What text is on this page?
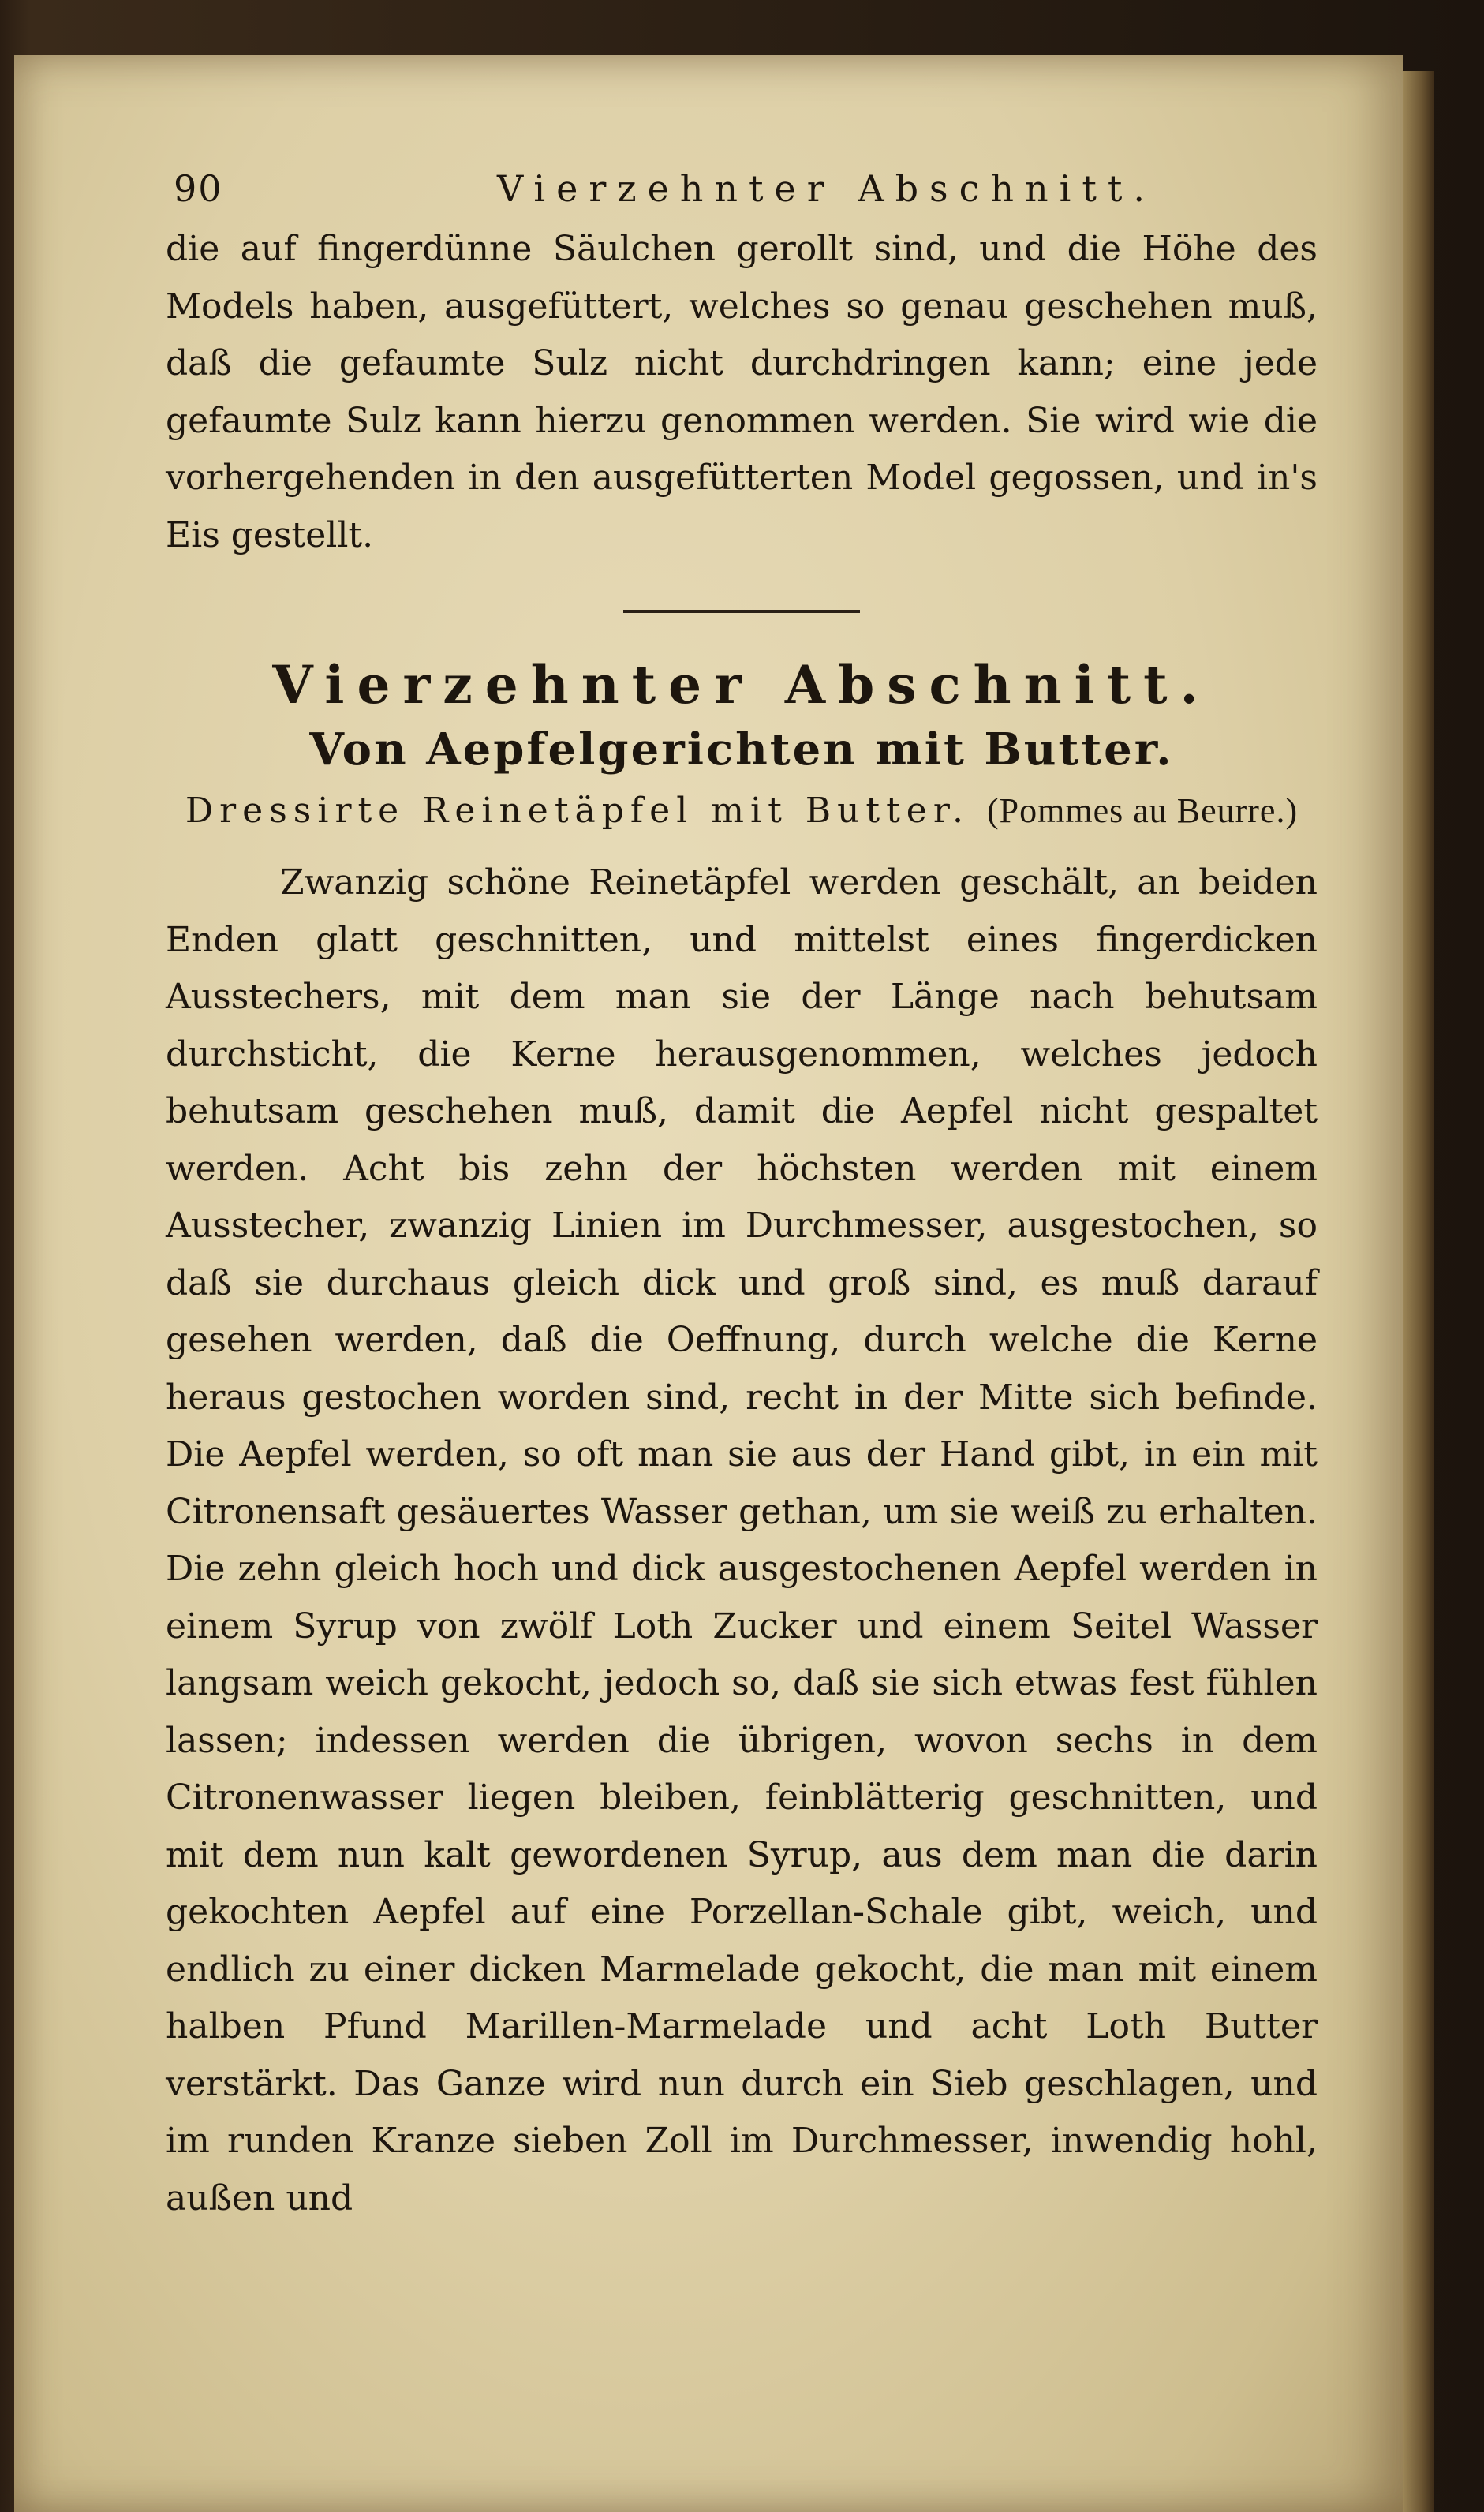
90	Vierzehnter Abschnitt.

die auf fingerdünne Säulchen gerollt sind, und die Höhe des Models haben, ausgefüttert, welches so genau geschehen muß, daß die gefaumte Sulz nicht durchdringen kann; eine jede gefaumte Sulz kann hierzu genommen werden. Sie wird wie die vorhergehenden in den ausgefütterten Model gegossen, und in's Eis gestellt.

Vierzehnter Abschnitt.
Von Aepfelgerichten mit Butter.
Dressirte Reinetäpfel mit Butter. (Pommes au Beurre.)

Zwanzig schöne Reinetäpfel werden geschält, an beiden Enden glatt geschnitten, und mittelst eines fingerdicken Ausstechers, mit dem man sie der Länge nach behutsam durchsticht, die Kerne herausgenommen, welches jedoch behutsam geschehen muß, damit die Aepfel nicht gespaltet werden. Acht bis zehn der höchsten werden mit einem Ausstecher, zwanzig Linien im Durchmesser, ausgestochen, so daß sie durchaus gleich dick und groß sind, es muß darauf gesehen werden, daß die Oeffnung, durch welche die Kerne heraus gestochen worden sind, recht in der Mitte sich befinde. Die Aepfel werden, so oft man sie aus der Hand gibt, in ein mit Citronensaft gesäuertes Wasser gethan, um sie weiß zu erhalten. Die zehn gleich hoch und dick ausgestochenen Aepfel werden in einem Syrup von zwölf Loth Zucker und einem Seitel Wasser langsam weich gekocht, jedoch so, daß sie sich etwas fest fühlen lassen; indessen werden die übrigen, wovon sechs in dem Citronenwasser liegen bleiben, feinblätterig geschnitten, und mit dem nun kalt gewordenen Syrup, aus dem man die darin gekochten Aepfel auf eine Porzellan-Schale gibt, weich, und endlich zu einer dicken Marmelade gekocht, die man mit einem halben Pfund Marillen-Marmelade und acht Loth Butter verstärkt. Das Ganze wird nun durch ein Sieb geschlagen, und im runden Kranze sieben Zoll im Durchmesser, inwendig hohl, außen und
